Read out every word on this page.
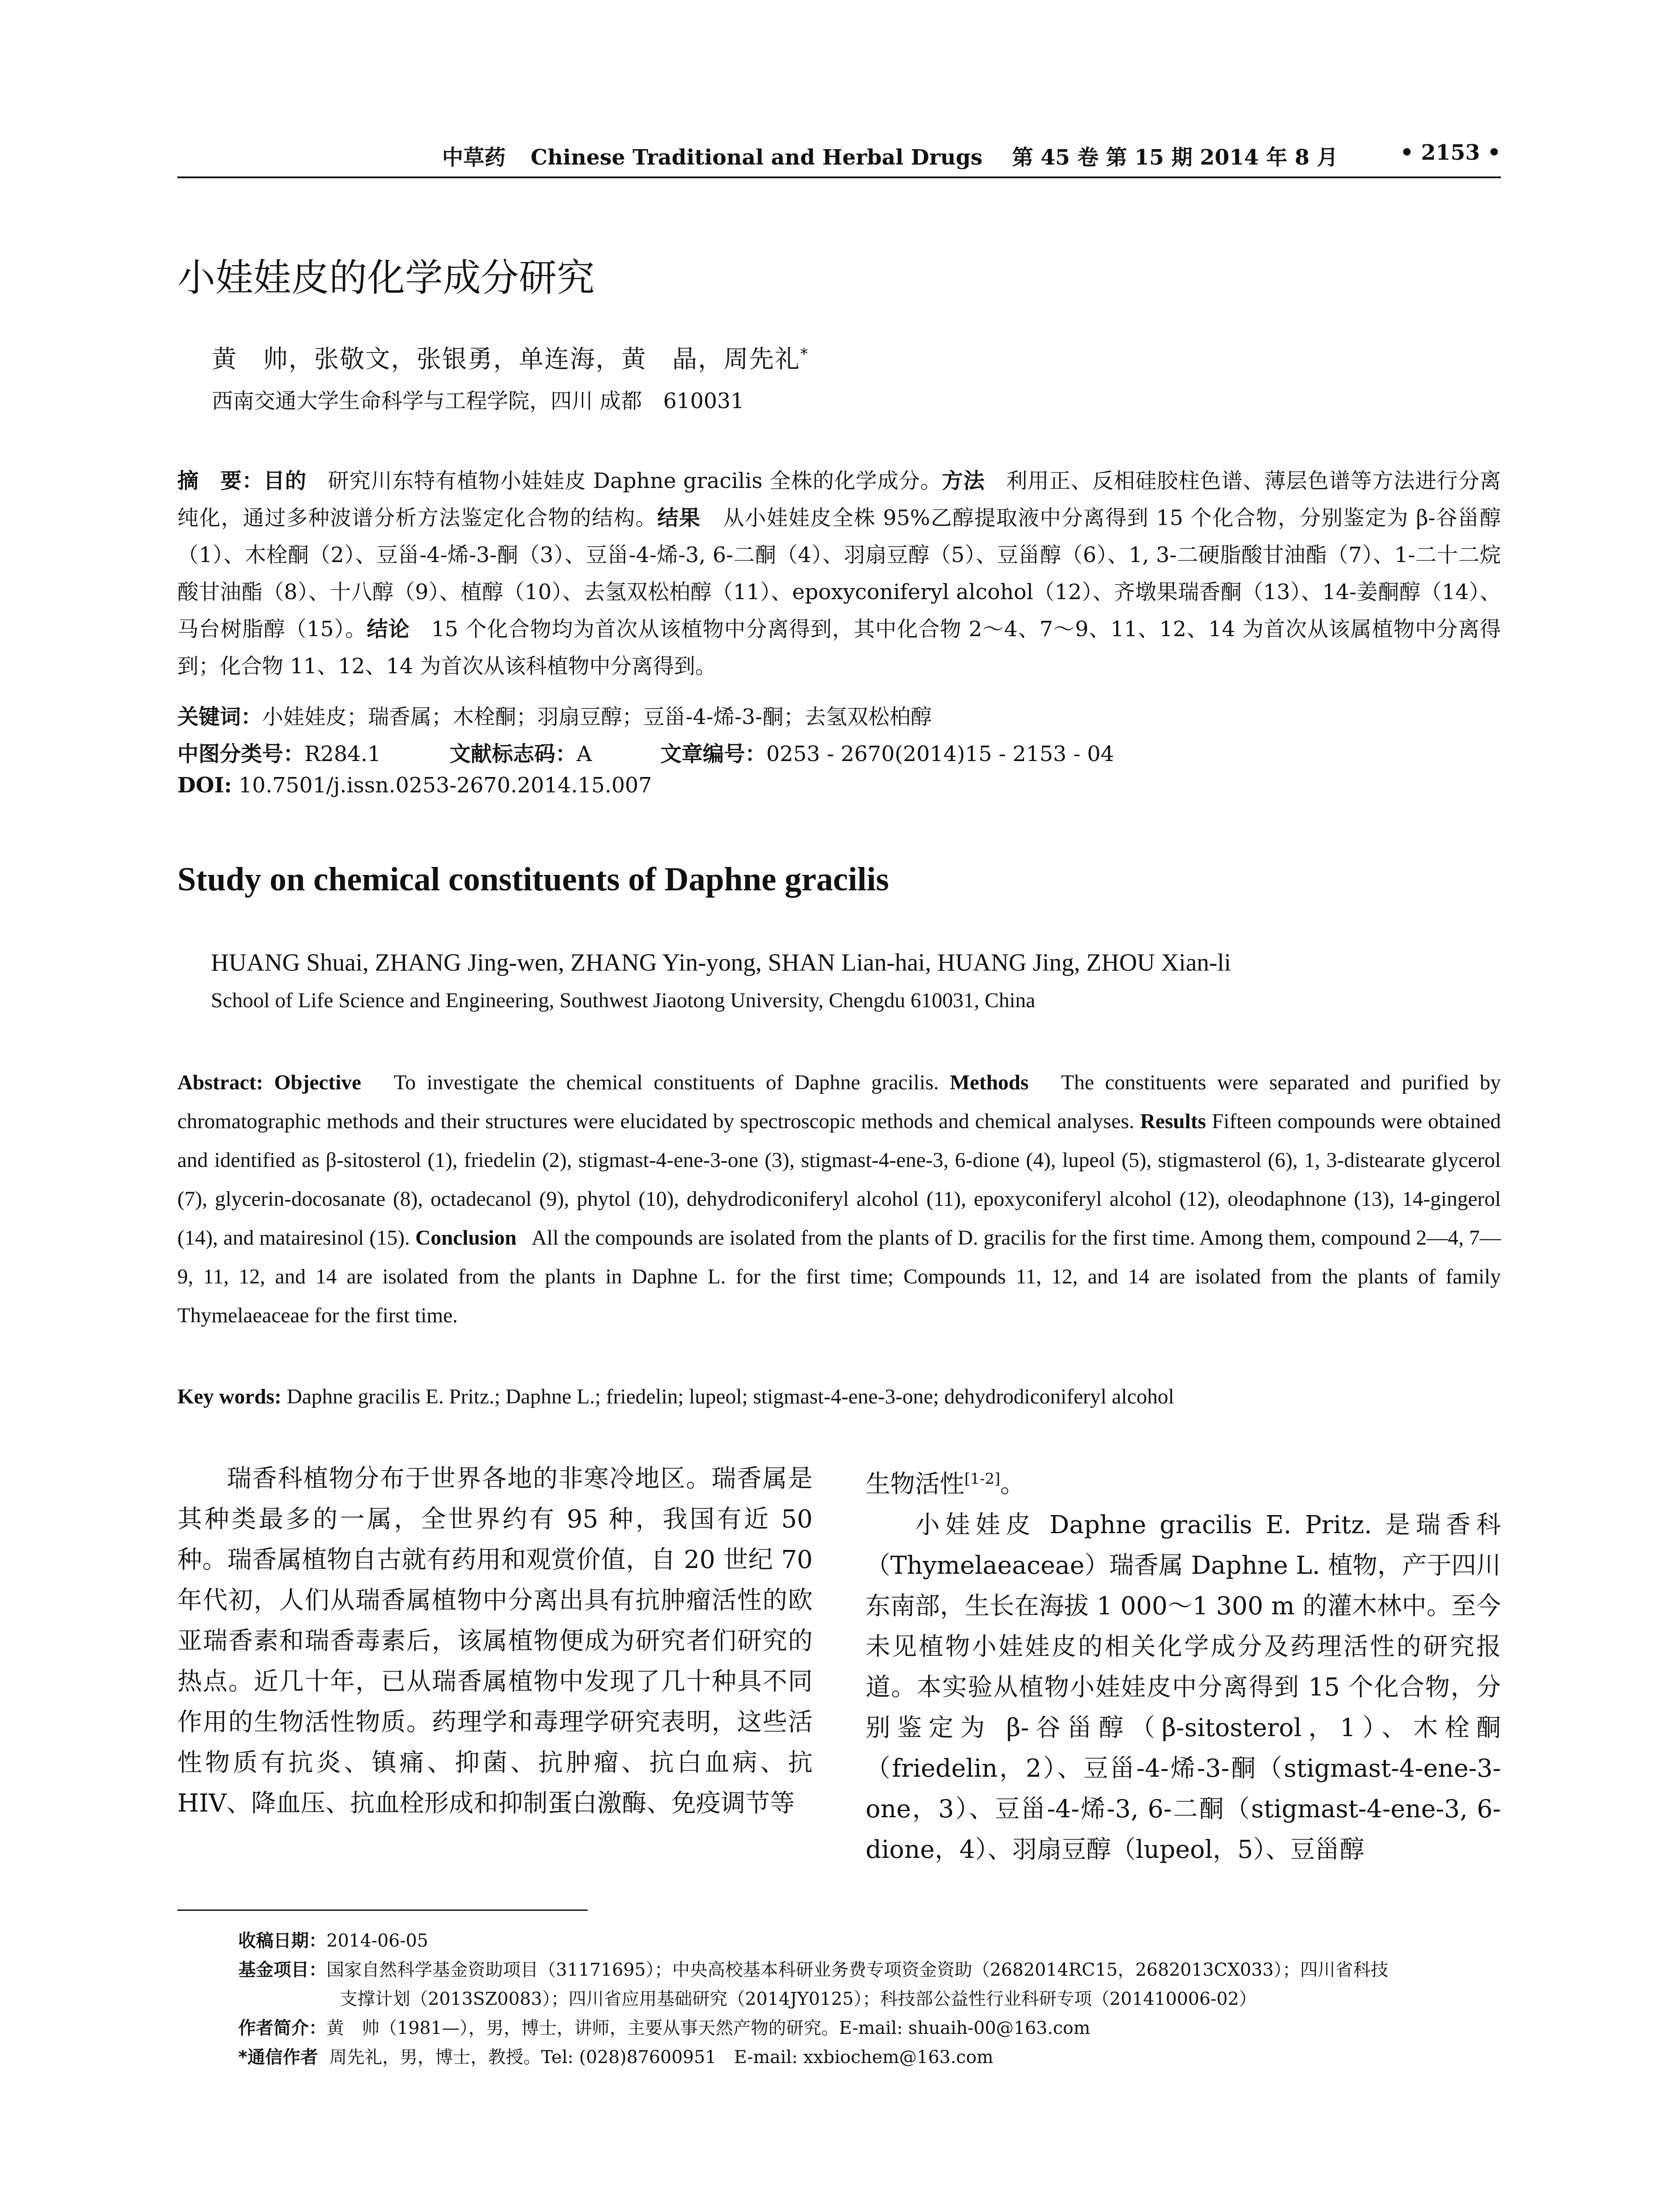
中草药 Chinese Traditional and Herbal Drugs 第 45 卷 第 15 期 2014 年 8 月	• 2153 •
小娃娃皮的化学成分研究
黄　帅，张敬文，张银勇，单连海，黄　晶，周先礼*
西南交通大学生命科学与工程学院，四川 成都　610031
摘　要：目的 研究川东特有植物小娃娃皮 Daphne gracilis 全株的化学成分。方法 利用正、反相硅胶柱色谱、薄层色谱等方法进行分离纯化，通过多种波谱分析方法鉴定化合物的结构。结果 从小娃娃皮全株 95%乙醇提取液中分离得到 15 个化合物，分别鉴定为 β-谷甾醇（1）、木栓酮（2）、豆甾-4-烯-3-酮（3）、豆甾-4-烯-3, 6-二酮（4）、羽扇豆醇（5）、豆甾醇（6）、1, 3-二硬脂酸甘油酯（7）、1-二十二烷酸甘油酯（8）、十八醇（9）、植醇（10）、去氢双松柏醇（11）、epoxyconiferyl alcohol（12）、齐墩果瑞香酮（13）、14-姜酮醇（14）、马台树脂醇（15）。结论 15 个化合物均为首次从该植物中分离得到，其中化合物 2～4、7～9、11、12、14 为首次从该属植物中分离得到；化合物 11、12、14 为首次从该科植物中分离得到。
关键词：小娃娃皮；瑞香属；木栓酮；羽扇豆醇；豆甾-4-烯-3-酮；去氢双松柏醇
中图分类号：R284.1	文献标志码：A	文章编号：0253 - 2670(2014)15 - 2153 - 04
DOI: 10.7501/j.issn.0253-2670.2014.15.007
Study on chemical constituents of Daphne gracilis
HUANG Shuai, ZHANG Jing-wen, ZHANG Yin-yong, SHAN Lian-hai, HUANG Jing, ZHOU Xian-li
School of Life Science and Engineering, Southwest Jiaotong University, Chengdu 610031, China
Abstract: Objective To investigate the chemical constituents of Daphne gracilis. Methods The constituents were separated and purified by chromatographic methods and their structures were elucidated by spectroscopic methods and chemical analyses. Results Fifteen compounds were obtained and identified as β-sitosterol (1), friedelin (2), stigmast-4-ene-3-one (3), stigmast-4-ene-3, 6-dione (4), lupeol (5), stigmasterol (6), 1, 3-distearate glycerol (7), glycerin-docosanate (8), octadecanol (9), phytol (10), dehydrodiconiferyl alcohol (11), epoxyconiferyl alcohol (12), oleodaphnone (13), 14-gingerol (14), and matairesinol (15). Conclusion All the compounds are isolated from the plants of D. gracilis for the first time. Among them, compound 2—4, 7—9, 11, 12, and 14 are isolated from the plants in Daphne L. for the first time; Compounds 11, 12, and 14 are isolated from the plants of family Thymelaeaceae for the first time.
Key words: Daphne gracilis E. Pritz.; Daphne L.; friedelin; lupeol; stigmast-4-ene-3-one; dehydrodiconiferyl alcohol

瑞香科植物分布于世界各地的非寒冷地区。瑞香属是其种类最多的一属，全世界约有 95 种，我国有近 50 种。瑞香属植物自古就有药用和观赏价值，自 20 世纪 70 年代初，人们从瑞香属植物中分离出具有抗肿瘤活性的欧亚瑞香素和瑞香毒素后，该属植物便成为研究者们研究的热点。近几十年，已从瑞香属植物中发现了几十种具不同作用的生物活性物质。药理学和毒理学研究表明，这些活性物质有抗炎、镇痛、抑菌、抗肿瘤、抗白血病、抗 HIV、降血压、抗血栓形成和抑制蛋白激酶、免疫调节等

生物活性[1-2]。

小娃娃皮 Daphne gracilis E. Pritz. 是瑞香科（Thymelaeaceae）瑞香属 Daphne L. 植物，产于四川东南部，生长在海拔 1 000～1 300 m 的灌木林中。至今未见植物小娃娃皮的相关化学成分及药理活性的研究报道。本实验从植物小娃娃皮中分离得到 15 个化合物，分别鉴定为 β-谷甾醇（β-sitosterol，1）、木栓酮（friedelin，2）、豆甾-4-烯-3-酮（stigmast-4-ene-3-one，3）、豆甾-4-烯-3, 6-二酮（stigmast-4-ene-3, 6-dione，4）、羽扇豆醇（lupeol，5）、豆甾醇

收稿日期：2014-06-05
基金项目：国家自然科学基金资助项目（31171695）；中央高校基本科研业务费专项资金资助（2682014RC15，2682013CX033）；四川省科技
支撑计划（2013SZ0083）；四川省应用基础研究（2014JY0125）；科技部公益性行业科研专项（201410006-02）
作者简介：黄　帅（1981—），男，博士，讲师，主要从事天然产物的研究。E-mail: shuaih-00@163.com
*通信作者 周先礼，男，博士，教授。Tel: (028)87600951　E-mail: xxbiochem@163.com
